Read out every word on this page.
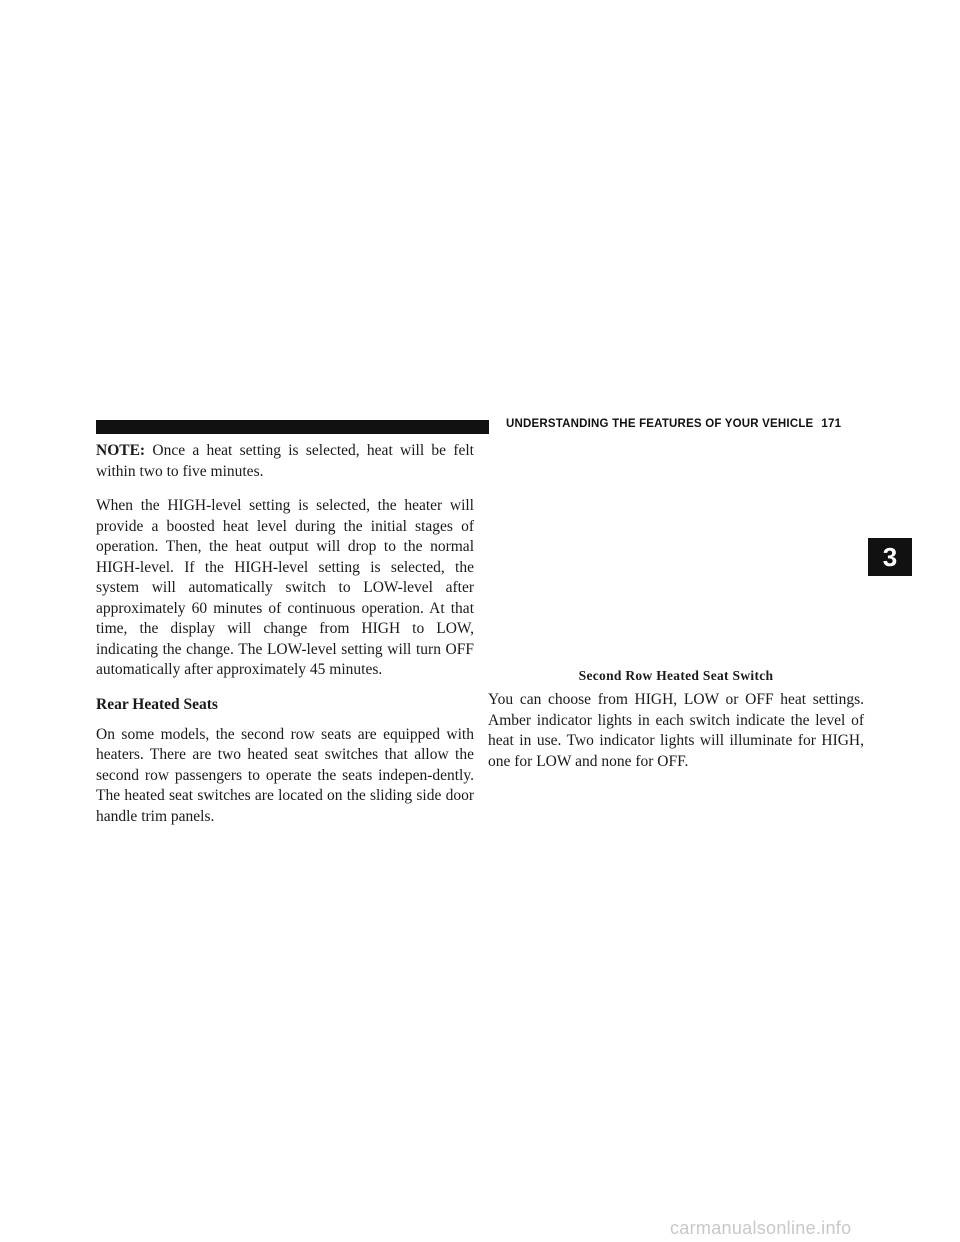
UNDERSTANDING THE FEATURES OF YOUR VEHICLE 171
3

NOTE: Once a heat setting is selected, heat will be felt within two to five minutes.

When the HIGH-level setting is selected, the heater will provide a boosted heat level during the initial stages of operation. Then, the heat output will drop to the normal HIGH-level. If the HIGH-level setting is selected, the system will automatically switch to LOW-level after approximately 60 minutes of continuous operation. At that time, the display will change from HIGH to LOW, indicating the change. The LOW-level setting will turn OFF automatically after approximately 45 minutes.

Rear Heated Seats

On some models, the second row seats are equipped with heaters. There are two heated seat switches that allow the second row passengers to operate the seats indepen-dently. The heated seat switches are located on the sliding side door handle trim panels.

Second Row Heated Seat Switch

You can choose from HIGH, LOW or OFF heat settings. Amber indicator lights in each switch indicate the level of heat in use. Two indicator lights will illuminate for HIGH, one for LOW and none for OFF.

carmanualsonline.info
